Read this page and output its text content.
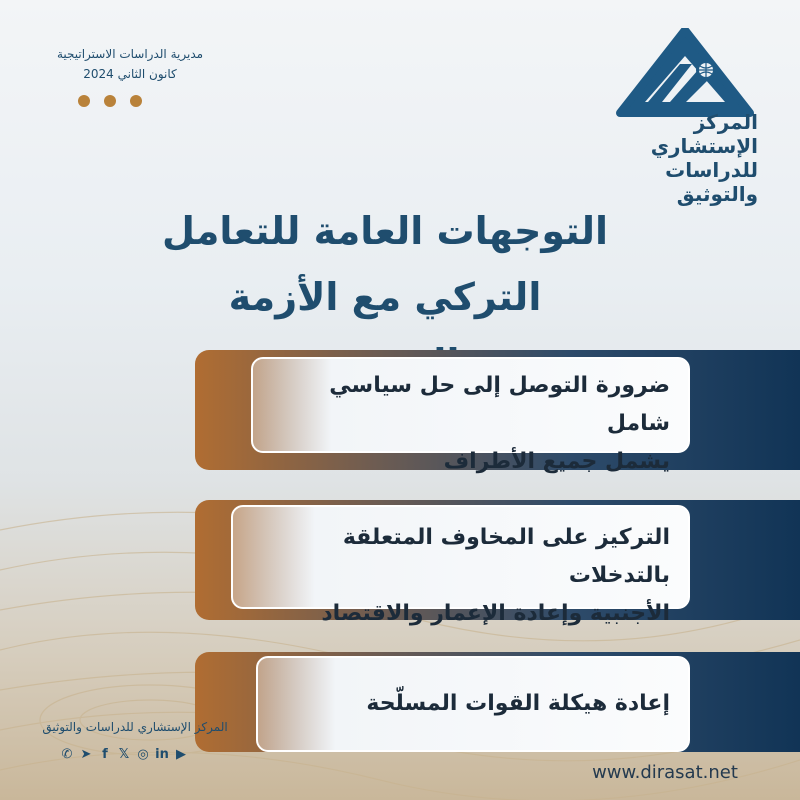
مديرية الدراسات الاستراتيجية
كانون الثاني 2024
المركز الإستشاري
للدراسات والتوثيق
التوجهات العامة للتعامل
التركي مع الأزمة
ضرورة التوصل إلى حل سياسي شامل
يشمل جميع الأطراف
التركيز على المخاوف المتعلقة بالتدخلات
الأجنبية وإعادة الإعمار والاقتصاد
إعادة هيكلة القوات المسلّحة
المركز الإستشاري للدراسات والتوثيق
✆ ➤ f 𝕏 ◎ in ▶
www.dirasat.net
